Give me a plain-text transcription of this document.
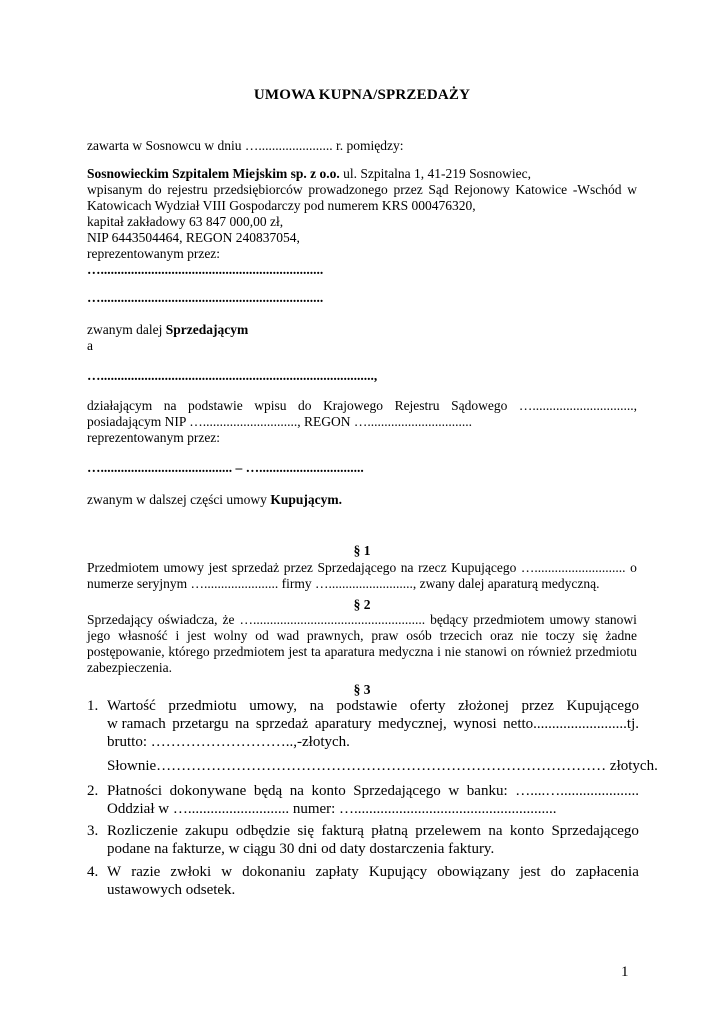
UMOWA KUPNA/SPRZEDAŻY
zawarta w Sosnowcu w dniu …...................... r. pomiędzy:
Sosnowieckim Szpitalem Miejskim sp. z o.o. ul. Szpitalna 1, 41-219 Sosnowiec,
wpisanym do rejestru przedsiębiorców prowadzonego przez Sąd Rejonowy Katowice -Wschód w
Katowicach Wydział VIII Gospodarczy pod numerem KRS 000476320,
kapitał zakładowy 63 847 000,00 zł,
NIP 6443504464, REGON 240837054,
reprezentowanym przez:
…..................................................................
…..................................................................
zwanym dalej Sprzedającym
a
….................................................................................,
działającym na podstawie wpisu do Krajowego Rejestru Sądowego …..............................,
posiadającym NIP …............................, REGON …...............................
reprezentowanym przez:
…....................................... – …...............................
zwanym w dalszej części umowy Kupującym.
§ 1
Przedmiotem umowy jest sprzedaż przez Sprzedającego na rzecz Kupującego …........................... o
numerze seryjnym …...................... firmy …........................., zwany dalej aparaturą medyczną.
§ 2
Sprzedający oświadcza, że …................................................... będący przedmiotem umowy stanowi
jego własność i jest wolny od wad prawnych, praw osób trzecich oraz nie toczy się żadne
postępowanie, którego przedmiotem jest ta aparatura medyczna i nie stanowi on również przedmiotu
zabezpieczenia.
§ 3
1. Wartość przedmiotu umowy, na podstawie oferty złożonej przez Kupującego
w ramach przetargu na sprzedaż aparatury medycznej, wynosi netto.........................tj.
brutto: ………………………..,-złotych.
Słownie……………………………………………………………………………… złotych.
2. Płatności dokonywane będą na konto Sprzedającego w banku: …....….....................
Oddział w …........................... numer: …......................................................
3. Rozliczenie zakupu odbędzie się fakturą płatną przelewem na konto Sprzedającego
podane na fakturze, w ciągu 30 dni od daty dostarczenia faktury.
4. W razie zwłoki w dokonaniu zapłaty Kupujący obowiązany jest do zapłacenia
ustawowych odsetek.
1
